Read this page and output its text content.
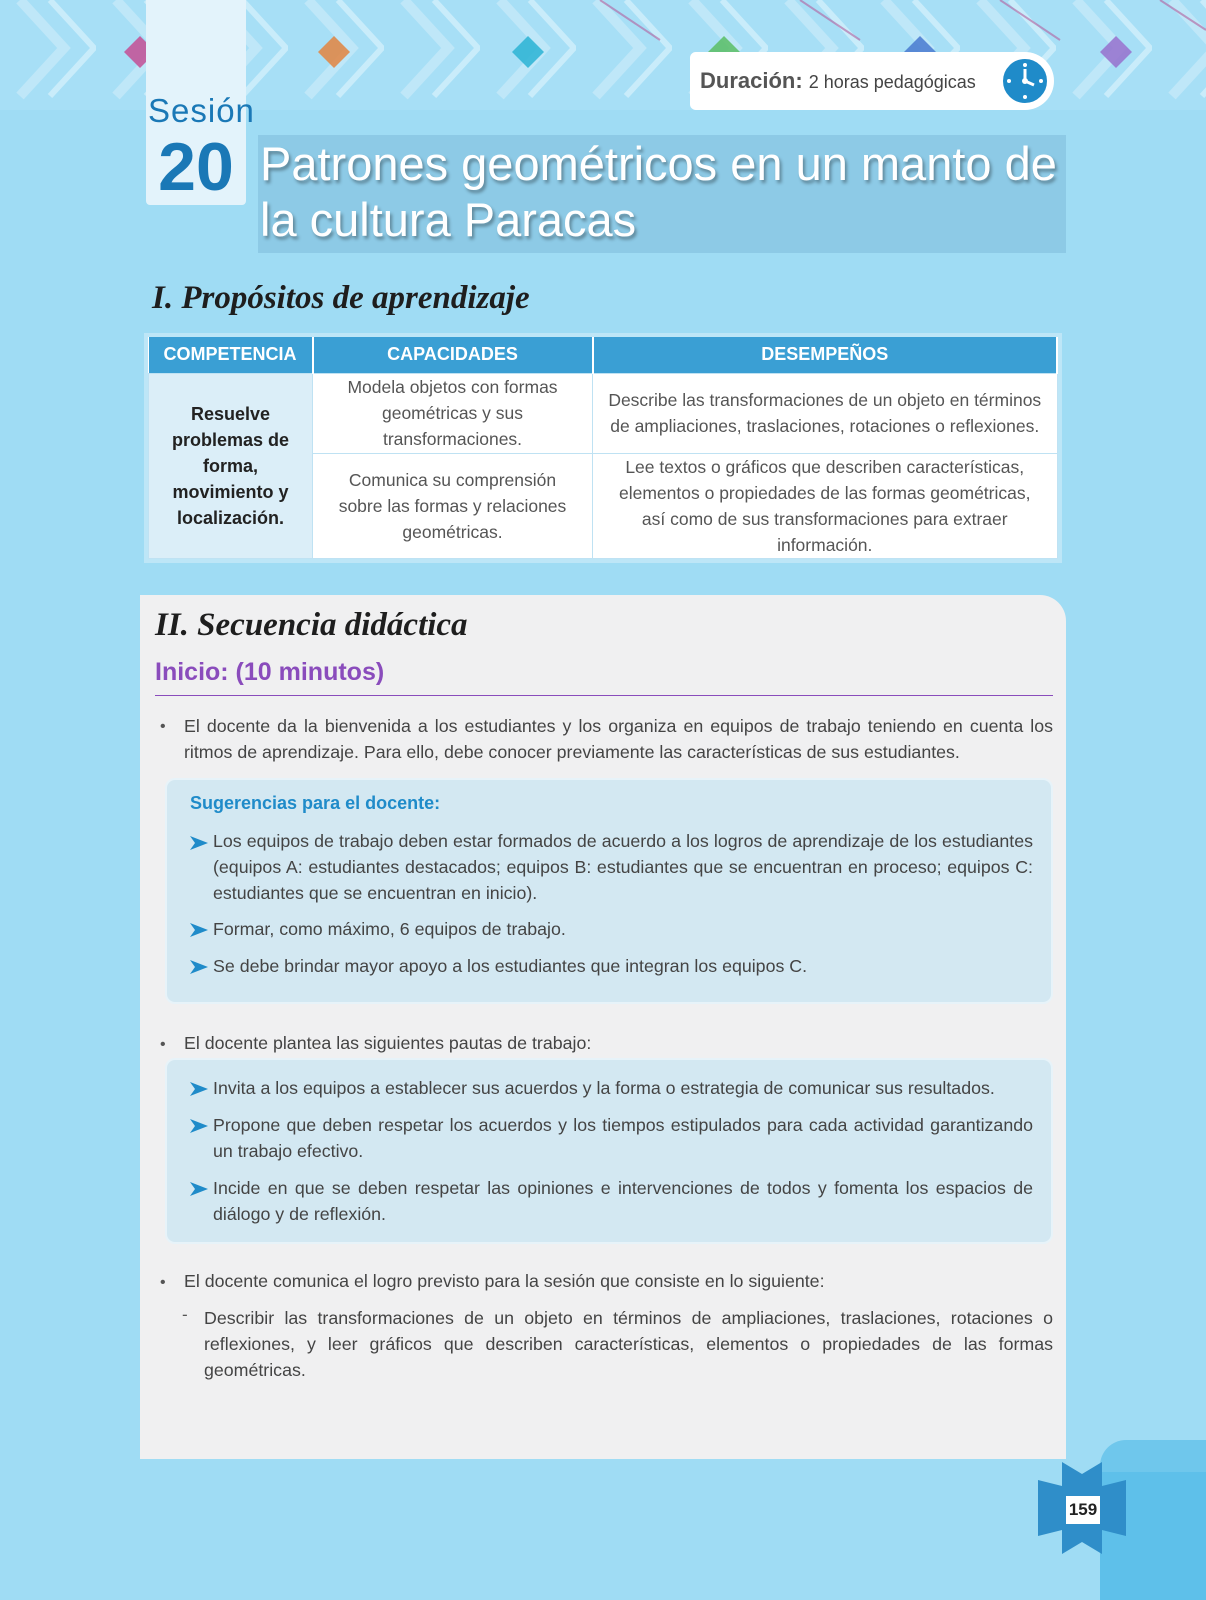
Sesión
20 Patrones geométricos en un manto de la cultura Paracas
Duración: 2 horas pedagógicas
I. Propósitos de aprendizaje
COMPETENCIA	CAPACIDADES	DESEMPEÑOS

Resuelve problemas de forma, movimiento y localización.	Modela objetos con formas geométricas y sus transformaciones.	Describe las transformaciones de un objeto en términos de ampliaciones, traslaciones, rotaciones o reflexiones.

	Comunica su comprensión sobre las formas y relaciones geométricas.	Lee textos o gráficos que describen características, elementos o propiedades de las formas geométricas, así como de sus transformaciones para extraer información.
II. Secuencia didáctica
Inicio: (10 minutos)
• El docente da la bienvenida a los estudiantes y los organiza en equipos de trabajo teniendo en cuenta los ritmos de aprendizaje. Para ello, debe conocer previamente las características de sus estudiantes.
Sugerencias para el docente:
Los equipos de trabajo deben estar formados de acuerdo a los logros de aprendizaje de los estudiantes (equipos A: estudiantes destacados; equipos B: estudiantes que se encuentran en proceso; equipos C: estudiantes que se encuentran en inicio).
Formar, como máximo, 6 equipos de trabajo.
Se debe brindar mayor apoyo a los estudiantes que integran los equipos C.
• El docente plantea las siguientes pautas de trabajo:
Invita a los equipos a establecer sus acuerdos y la forma o estrategia de comunicar sus resultados.
Propone que deben respetar los acuerdos y los tiempos estipulados para cada actividad garantizando un trabajo efectivo.
Incide en que se deben respetar las opiniones e intervenciones de todos y fomenta los espacios de diálogo y de reflexión.
• El docente comunica el logro previsto para la sesión que consiste en lo siguiente:
- Describir las transformaciones de un objeto en términos de ampliaciones, traslaciones, rotaciones o reflexiones, y leer gráficos que describen características, elementos o propiedades de las formas geométricas.
159
